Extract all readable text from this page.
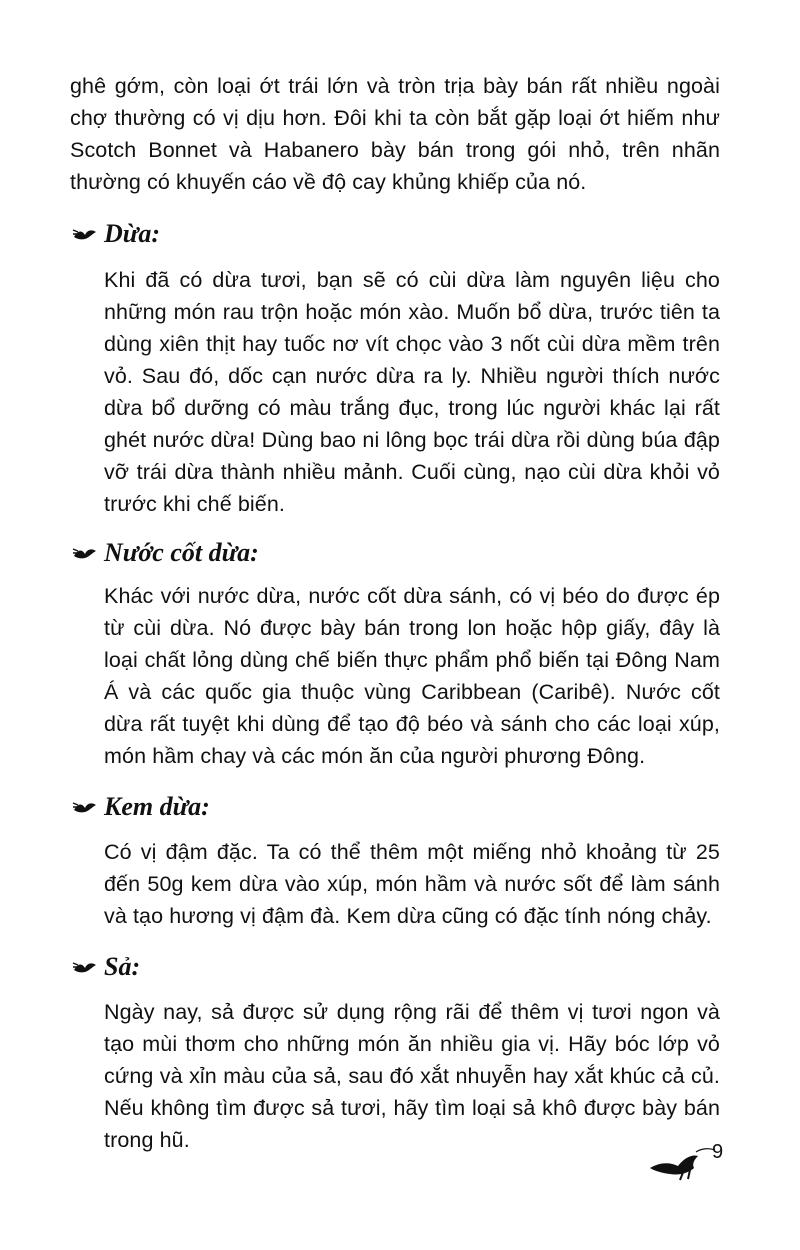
ghê gớm, còn loại ớt trái lớn và tròn trịa bày bán rất nhiều ngoài chợ thường có vị dịu hơn. Đôi khi ta còn bắt gặp loại ớt hiếm như Scotch Bonnet và Habanero bày bán trong gói nhỏ, trên nhãn thường có khuyến cáo về độ cay khủng khiếp của nó.

Dừa:

Khi đã có dừa tươi, bạn sẽ có cùi dừa làm nguyên liệu cho những món rau trộn hoặc món xào. Muốn bổ dừa, trước tiên ta dùng xiên thịt hay tuốc nơ vít chọc vào 3 nốt cùi dừa mềm trên vỏ. Sau đó, dốc cạn nước dừa ra ly. Nhiều người thích nước dừa bổ dưỡng có màu trắng đục, trong lúc người khác lại rất ghét nước dừa! Dùng bao ni lông bọc trái dừa rồi dùng búa đập vỡ trái dừa thành nhiều mảnh. Cuối cùng, nạo cùi dừa khỏi vỏ trước khi chế biến.

Nước cốt dừa:

Khác với nước dừa, nước cốt dừa sánh, có vị béo do được ép từ cùi dừa. Nó được bày bán trong lon hoặc hộp giấy, đây là loại chất lỏng dùng chế biến thực phẩm phổ biến tại Đông Nam Á và các quốc gia thuộc vùng Caribbean (Caribê). Nước cốt dừa rất tuyệt khi dùng để tạo độ béo và sánh cho các loại xúp, món hầm chay và các món ăn của người phương Đông.

Kem dừa:

Có vị đậm đặc. Ta có thể thêm một miếng nhỏ khoảng từ 25 đến 50g kem dừa vào xúp, món hầm và nước sốt để làm sánh và tạo hương vị đậm đà. Kem dừa cũng có đặc tính nóng chảy.

Sả:

Ngày nay, sả được sử dụng rộng rãi để thêm vị tươi ngon và tạo mùi thơm cho những món ăn nhiều gia vị. Hãy bóc lớp vỏ cứng và xỉn màu của sả, sau đó xắt nhuyễn hay xắt khúc cả củ. Nếu không tìm được sả tươi, hãy tìm loại sả khô được bày bán trong hũ.	9
